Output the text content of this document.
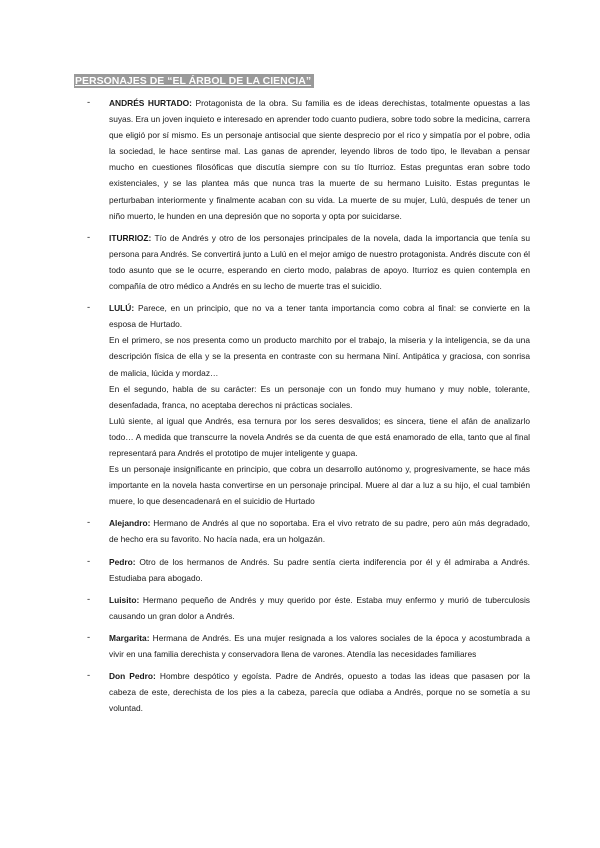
PERSONAJES DE “EL ÁRBOL DE LA CIENCIA”
- ANDRÉS HURTADO: Protagonista de la obra. Su familia es de ideas derechistas, totalmente opuestas a las suyas. Era un joven inquieto e interesado en aprender todo cuanto pudiera, sobre todo sobre la medicina, carrera que eligió por sí mismo. Es un personaje antisocial que siente desprecio por el rico y simpatía por el pobre, odia la sociedad, le hace sentirse mal. Las ganas de aprender, leyendo libros de todo tipo, le llevaban a pensar mucho en cuestiones filosóficas que discutía siempre con su tío Iturrioz. Estas preguntas eran sobre todo existenciales, y se las plantea más que nunca tras la muerte de su hermano Luisito. Estas preguntas le perturbaban interiormente y finalmente acaban con su vida. La muerte de su mujer, Lulú, después de tener un niño muerto, le hunden en una depresión que no soporta y opta por suicidarse.

- ITURRIOZ: Tío de Andrés y otro de los personajes principales de la novela, dada la importancia que tenía su persona para Andrés. Se convertirá junto a Lulú en el mejor amigo de nuestro protagonista. Andrés discute con él todo asunto que se le ocurre, esperando en cierto modo, palabras de apoyo. Iturrioz es quien contempla en compañía de otro médico a Andrés en su lecho de muerte tras el suicidio.

- LULÚ: Parece, en un principio, que no va a tener tanta importancia como cobra al final: se convierte en la esposa de Hurtado.

En el primero, se nos presenta como un producto marchito por el trabajo, la miseria y la inteligencia, se da una descripción física de ella y se la presenta en contraste con su hermana Niní. Antipática y graciosa, con sonrisa de malicia, lúcida y mordaz…

En el segundo, habla de su carácter: Es un personaje con un fondo muy humano y muy noble, tolerante, desenfadada, franca, no aceptaba derechos ni prácticas sociales.

Lulú siente, al igual que Andrés, esa ternura por los seres desvalidos; es sincera, tiene el afán de analizarlo todo… A medida que transcurre la novela Andrés se da cuenta de que está enamorado de ella, tanto que al final representará para Andrés el prototipo de mujer inteligente y guapa.

Es un personaje insignificante en principio, que cobra un desarrollo autónomo y, progresivamente, se hace más importante en la novela hasta convertirse en un personaje principal. Muere al dar a luz a su hijo, el cual también muere, lo que desencadenará en el suicidio de Hurtado

- Alejandro: Hermano de Andrés al que no soportaba. Era el vivo retrato de su padre, pero aún más degradado, de hecho era su favorito. No hacía nada, era un holgazán.

- Pedro: Otro de los hermanos de Andrés. Su padre sentía cierta indiferencia por él y él admiraba a Andrés. Estudiaba para abogado.

- Luisito: Hermano pequeño de Andrés y muy querido por éste. Estaba muy enfermo y murió de tuberculosis causando un gran dolor a Andrés.

- Margarita: Hermana de Andrés. Es una mujer resignada a los valores sociales de la época y acostumbrada a vivir en una familia derechista y conservadora llena de varones. Atendía las necesidades familiares

- Don Pedro: Hombre despótico y egoísta. Padre de Andrés, opuesto a todas las ideas que pasasen por la cabeza de este, derechista de los pies a la cabeza, parecía que odiaba a Andrés, porque no se sometía a su voluntad.
